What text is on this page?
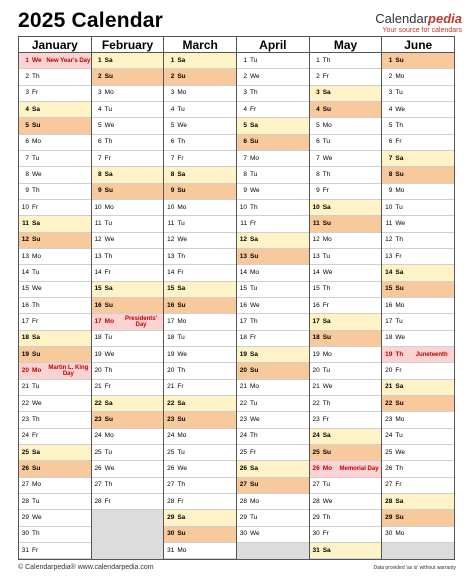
2025 Calendar	Calendarpedia
Your source for calendars
January
1 We New Year's Day
2 Th
3 Fr
4 Sa
5 Su
6 Mo
7 Tu
8 We
9 Th
10 Fr
11 Sa
12 Su
13 Mo
14 Tu
15 We
16 Th
17 Fr
18 Sa
19 Su
20 Mo	Martin L. King Day
21 Tu
22 We
23 Th
24 Fr
25 Sa
26 Su
27 Mo
28 Tu
29 We
30 Th
31 Fr
February
1 Sa
2 Su
3 Mo
4 Tu
5 We
6 Th
7 Fr
8 Sa
9 Su
10 Mo
11 Tu
12 We
13 Th
14 Fr
15 Sa
16 Su
17 Mo	Presidents' Day
18 Tu
19 We
20 Th
21 Fr
22 Sa
23 Su
24 Mo
25 Tu
26 We
27 Th
28 Fr
March
1 Sa
2 Su
3 Mo
4 Tu
5 We
6 Th
7 Fr
8 Sa
9 Su
10 Mo
11 Tu
12 We
13 Th
14 Fr
15 Sa
16 Su
17 Mo
18 Tu
19 We
20 Th
21 Fr
22 Sa
23 Su
24 Mo
25 Tu
26 We
27 Th
28 Fr
29 Sa
30 Su
31 Mo
April
1 Tu
2 We
3 Th
4 Fr
5 Sa
6 Su
7 Mo
8 Tu
9 We
10 Th
11 Fr
12 Sa
13 Su
14 Mo
15 Tu
16 We
17 Th
18 Fr
19 Sa
20 Su
21 Mo
22 Tu
23 We
24 Th
25 Fr
26 Sa
27 Su
28 Mo
29 Tu
30 We
May
1 Th
2 Fr
3 Sa
4 Su
5 Mo
6 Tu
7 We
8 Th
9 Fr
10 Sa
11 Su
12 Mo
13 Tu
14 We
15 Th
16 Fr
17 Sa
18 Su
19 Mo
20 Tu
21 We
22 Th
23 Fr
24 Sa
25 Su
26 Mo	Memorial Day
27 Tu
28 We
29 Th
30 Fr
31 Sa
June
1 Su
2 Mo
3 Tu
4 We
5 Th
6 Fr
7 Sa
8 Su
9 Mo
10 Tu
11 We
12 Th
13 Fr
14 Sa
15 Su
16 Mo
17 Tu
18 We
19 Th	Juneteenth
20 Fr
21 Sa
22 Su
23 Mo
24 Tu
25 We
26 Th
27 Fr
28 Sa
29 Su
30 Mo
© Calendarpedia® www.calendarpedia.com	Data provided 'as is' without warranty
